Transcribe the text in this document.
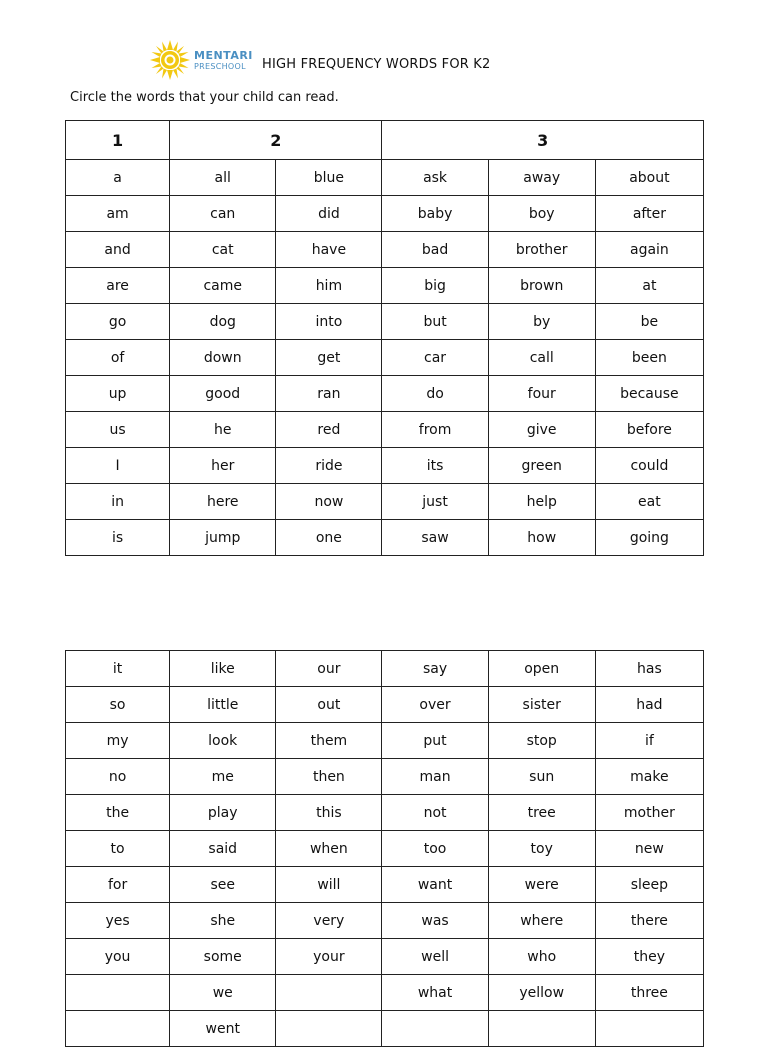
MENTARI
PRESCHOOL	HIGH FREQUENCY WORDS FOR K2
Circle the words that your child can read.
1	2		3		
a	all	blue	ask	away	about
am	can	did	baby	boy	after
and	cat	have	bad	brother	again
are	came	him	big	brown	at
go	dog	into	but	by	be
of	down	get	car	call	been
up	good	ran	do	four	because
us	he	red	from	give	before
I	her	ride	its	green	could
in	here	now	just	help	eat
is	jump	one	saw	how	going
it	like	our	say	open	has
so	little	out	over	sister	had
my	look	them	put	stop	if
no	me	then	man	sun	make
the	play	this	not	tree	mother
to	said	when	too	toy	new
for	see	will	want	were	sleep
yes	she	very	was	where	there
you	some	your	well	who	they
	we		what	yellow	three
	went				
